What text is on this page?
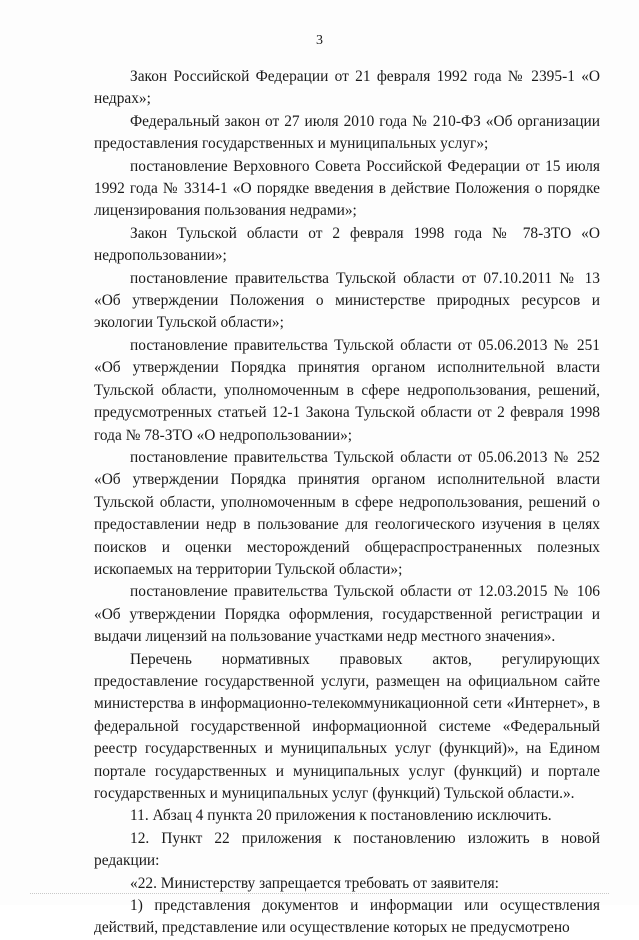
3

Закон Российской Федерации от 21 февраля 1992 года № 2395-1 «О недрах»;

Федеральный закон от 27 июля 2010 года № 210-ФЗ «Об организации предоставления государственных и муниципальных услуг»;

постановление Верховного Совета Российской Федерации от 15 июля 1992 года № 3314-1 «О порядке введения в действие Положения о порядке лицензирования пользования недрами»;

Закон Тульской области от 2 февраля 1998 года № 78-ЗТО «О недропользовании»;

постановление правительства Тульской области от 07.10.2011 № 13 «Об утверждении Положения о министерстве природных ресурсов и экологии Тульской области»;

постановление правительства Тульской области от 05.06.2013 № 251 «Об утверждении Порядка принятия органом исполнительной власти Тульской области, уполномоченным в сфере недропользования, решений, предусмотренных статьей 12-1 Закона Тульской области от 2 февраля 1998 года № 78-ЗТО «О недропользовании»;

постановление правительства Тульской области от 05.06.2013 № 252 «Об утверждении Порядка принятия органом исполнительной власти Тульской области, уполномоченным в сфере недропользования, решений о предоставлении недр в пользование для геологического изучения в целях поисков и оценки месторождений общераспространенных полезных ископаемых на территории Тульской области»;

постановление правительства Тульской области от 12.03.2015 № 106 «Об утверждении Порядка оформления, государственной регистрации и выдачи лицензий на пользование участками недр местного значения».

Перечень нормативных правовых актов, регулирующих предоставление государственной услуги, размещен на официальном сайте министерства в информационно-телекоммуникационной сети «Интернет», в федеральной государственной информационной системе «Федеральный реестр государственных и муниципальных услуг (функций)», на Едином портале государственных и муниципальных услуг (функций) и портале государственных и муниципальных услуг (функций) Тульской области.».

11. Абзац 4 пункта 20 приложения к постановлению исключить.

12. Пункт 22 приложения к постановлению изложить в новой редакции:

«22. Министерству запрещается требовать от заявителя:

1) представления документов и информации или осуществления действий, представление или осуществление которых не предусмотрено
